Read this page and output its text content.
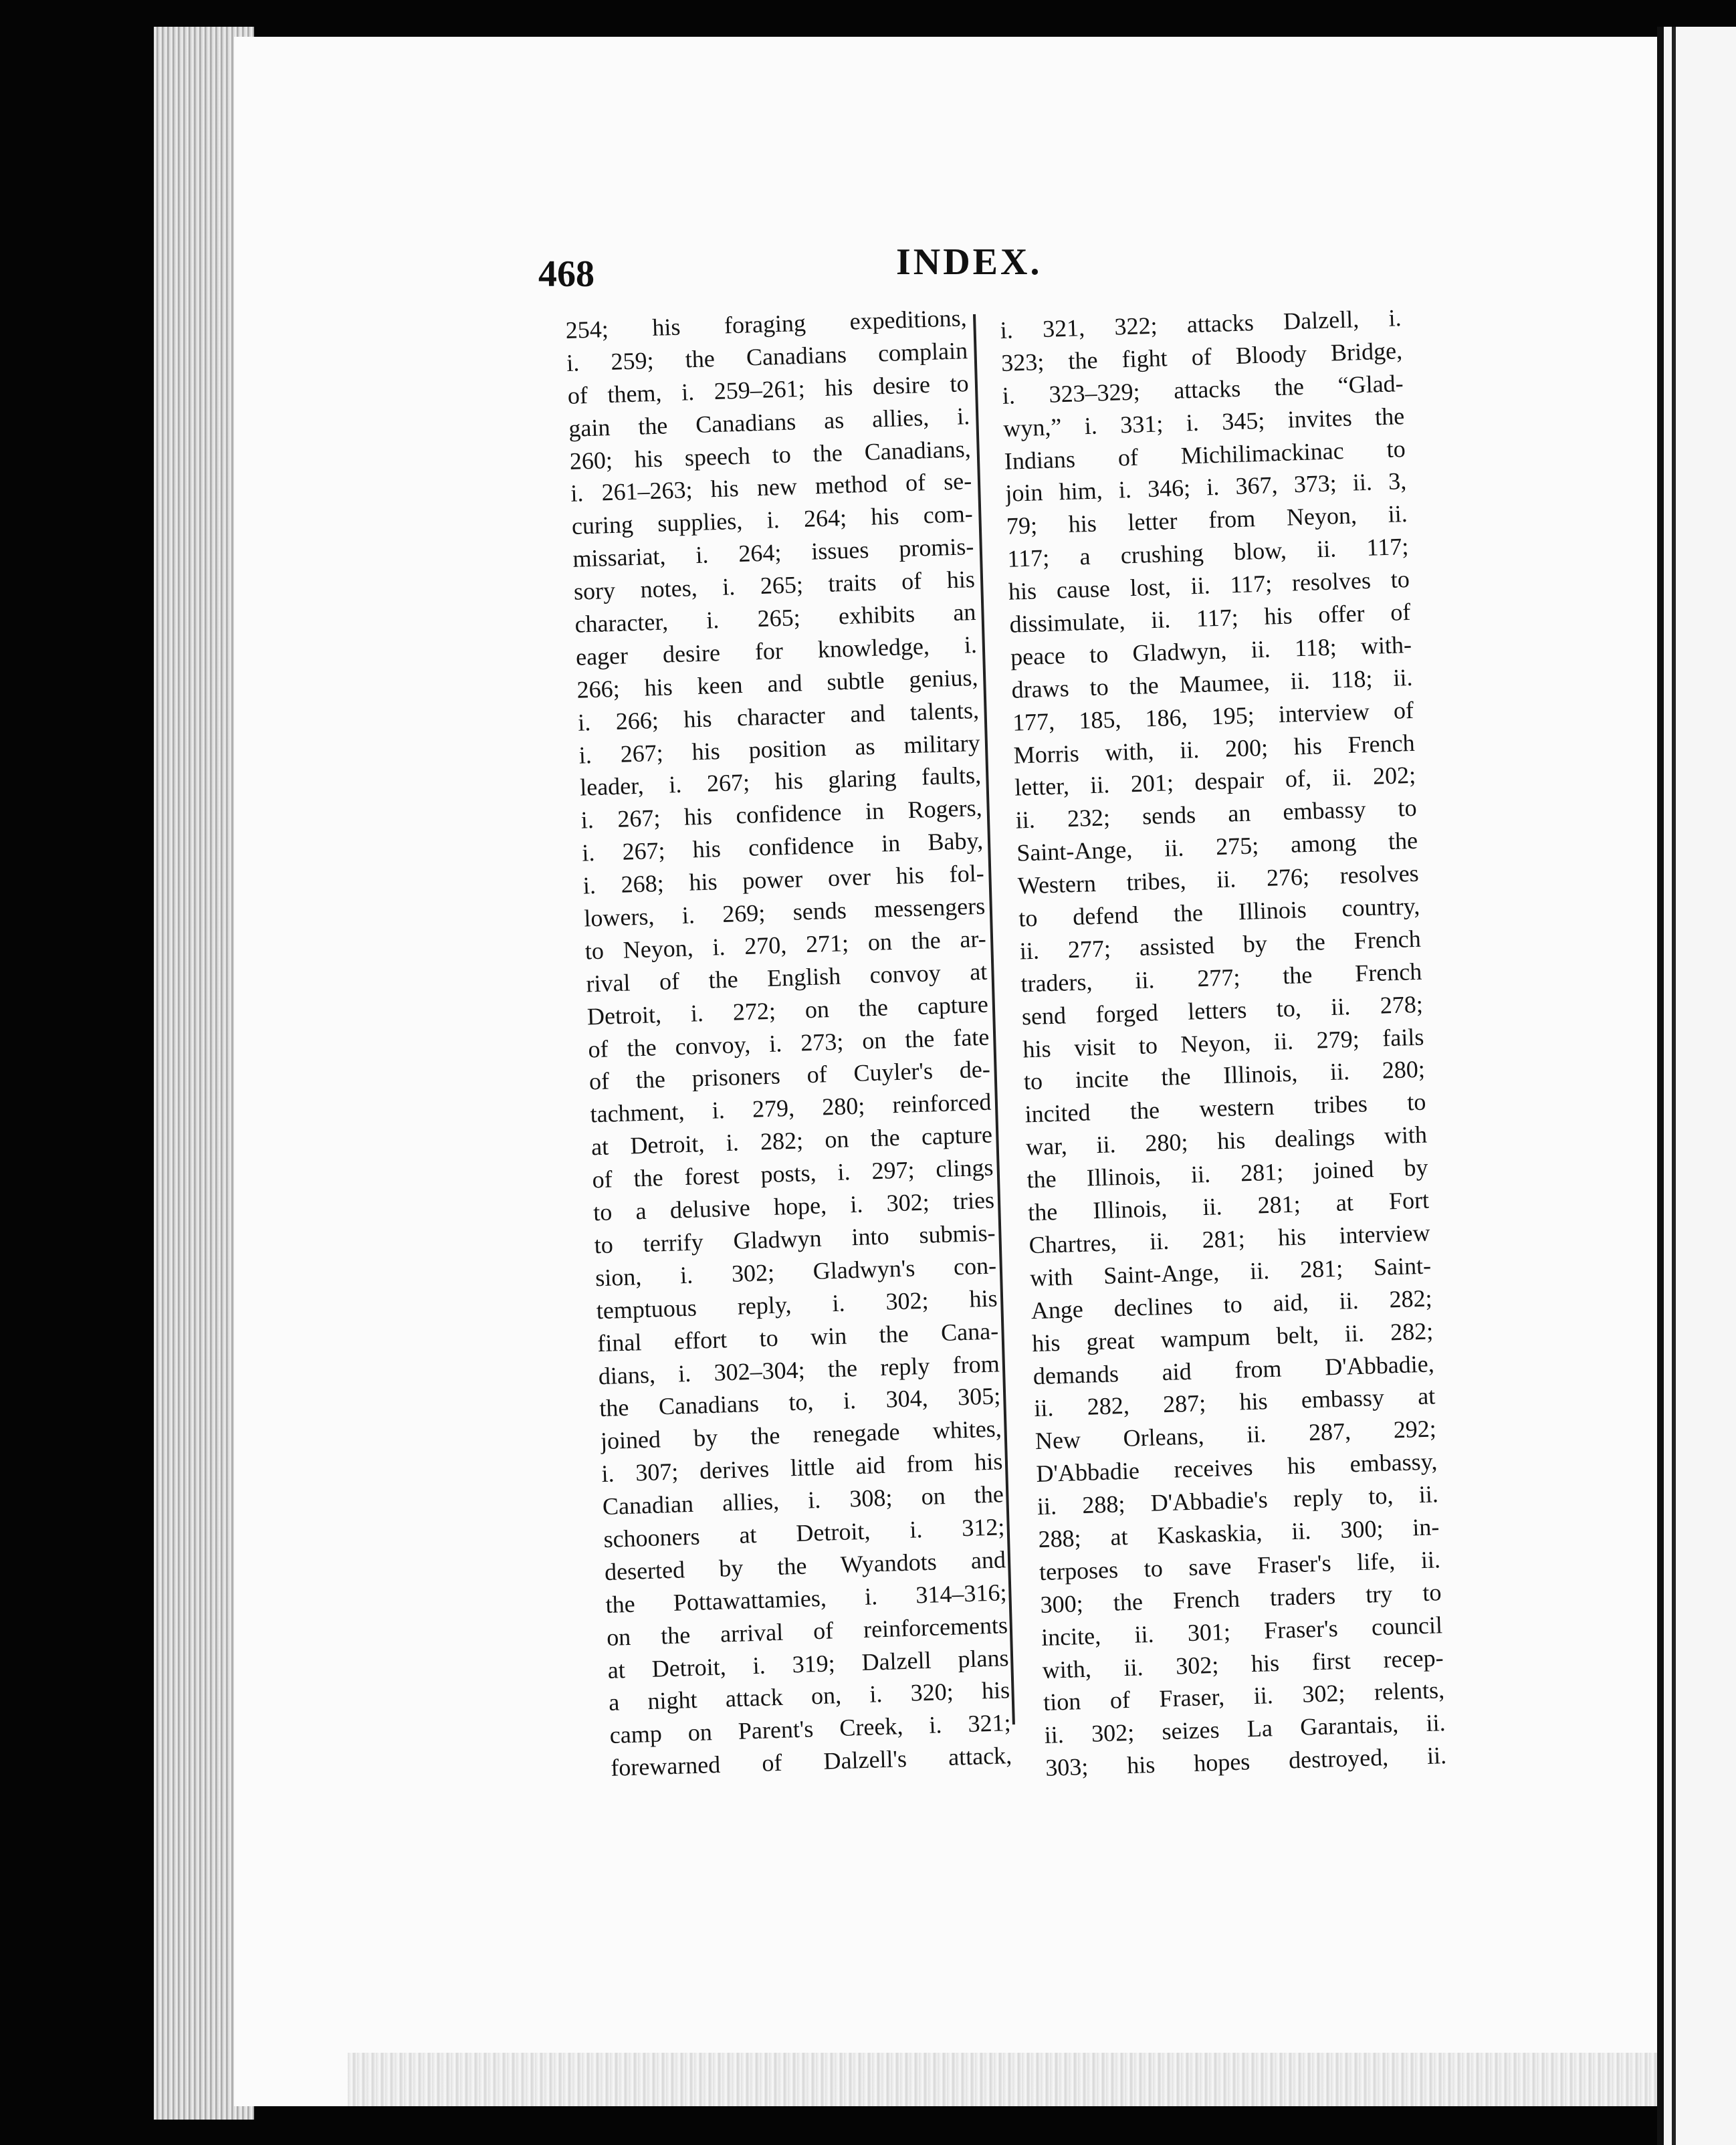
468	INDEX.
254; his foraging expeditions,
i. 259; the Canadians complain
of them, i. 259–261; his desire to
gain the Canadians as allies, i.
260; his speech to the Canadians,
i. 261–263; his new method of se-
curing supplies, i. 264; his com-
missariat, i. 264; issues promis-
sory notes, i. 265; traits of his
character, i. 265; exhibits an
eager desire for knowledge, i.
266; his keen and subtle genius,
i. 266; his character and talents,
i. 267; his position as military
leader, i. 267; his glaring faults,
i. 267; his confidence in Rogers,
i. 267; his confidence in Baby,
i. 268; his power over his fol-
lowers, i. 269; sends messengers
to Neyon, i. 270, 271; on the ar-
rival of the English convoy at
Detroit, i. 272; on the capture
of the convoy, i. 273; on the fate
of the prisoners of Cuyler's de-
tachment, i. 279, 280; reinforced
at Detroit, i. 282; on the capture
of the forest posts, i. 297; clings
to a delusive hope, i. 302; tries
to terrify Gladwyn into submis-
sion, i. 302; Gladwyn's con-
temptuous reply, i. 302; his
final effort to win the Cana-
dians, i. 302–304; the reply from
the Canadians to, i. 304, 305;
joined by the renegade whites,
i. 307; derives little aid from his
Canadian allies, i. 308; on the
schooners at Detroit, i. 312;
deserted by the Wyandots and
the Pottawattamies, i. 314–316;
on the arrival of reinforcements
at Detroit, i. 319; Dalzell plans
a night attack on, i. 320; his
camp on Parent's Creek, i. 321;
forewarned of Dalzell's attack,
i. 321, 322; attacks Dalzell, i.
323; the fight of Bloody Bridge,
i. 323–329; attacks the “Glad-
wyn,” i. 331; i. 345; invites the
Indians of Michilimackinac to
join him, i. 346; i. 367, 373; ii. 3,
79; his letter from Neyon, ii.
117; a crushing blow, ii. 117;
his cause lost, ii. 117; resolves to
dissimulate, ii. 117; his offer of
peace to Gladwyn, ii. 118; with-
draws to the Maumee, ii. 118; ii.
177, 185, 186, 195; interview of
Morris with, ii. 200; his French
letter, ii. 201; despair of, ii. 202;
ii. 232; sends an embassy to
Saint-Ange, ii. 275; among the
Western tribes, ii. 276; resolves
to defend the Illinois country,
ii. 277; assisted by the French
traders, ii. 277; the French
send forged letters to, ii. 278;
his visit to Neyon, ii. 279; fails
to incite the Illinois, ii. 280;
incited the western tribes to
war, ii. 280; his dealings with
the Illinois, ii. 281; joined by
the Illinois, ii. 281; at Fort
Chartres, ii. 281; his interview
with Saint-Ange, ii. 281; Saint-
Ange declines to aid, ii. 282;
his great wampum belt, ii. 282;
demands aid from D'Abbadie,
ii. 282, 287; his embassy at
New Orleans, ii. 287, 292;
D'Abbadie receives his embassy,
ii. 288; D'Abbadie's reply to, ii.
288; at Kaskaskia, ii. 300; in-
terposes to save Fraser's life, ii.
300; the French traders try to
incite, ii. 301; Fraser's council
with, ii. 302; his first recep-
tion of Fraser, ii. 302; relents,
ii. 302; seizes La Garantais, ii.
303; his hopes destroyed, ii.
